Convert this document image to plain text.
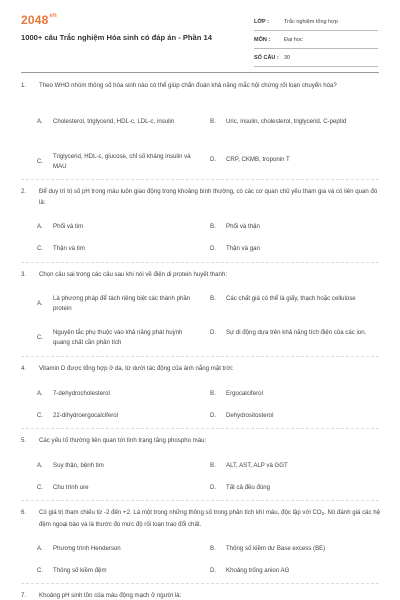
$2048^{vn}$
1000+ câu Trắc nghiệm Hóa sinh có đáp án - Phần 14
LỚP :	Trắc nghiệm tổng hợp
MÔN :	Đại học
SỐ CÂU : 30
1.	Theo WHO nhóm thông số hóa sinh nào có thể giúp chẩn đoán khả năng mắc hội chứng rối loạn chuyển hóa?
A.	Cholesterol, triglycerid, HDL-c, LDL-c, insulin	B.	Uric, insulin, cholesterol, triglycerid, C-peptid
C.
Triglycerid, HDL-c, glucose, chỉ số kháng insulin và MAU
D.	CRP, CKMB, troponin T
2.	Để duy trì trị số pH trong máu luôn giao động trong khoảng bình thường, có các cơ quan chủ yếu tham gia và có liên quan đó là:
A.	Phổi và tim	B.	Phổi và thận
C.	Thận và tim	D.	Thận và gan
3.	Chọn câu sai trong các câu sau khi nói về điện di protein huyết thanh:
A.
Là phương pháp để tách riêng biệt các thành phần protein
B.	Các chất giá có thể là giấy, thạch hoặc cellulose
C.
Nguyên tắc phụ thuộc vào khả năng phát huỳnh quang chất cần phân tích
D.	Sự di động dựa trên khả năng tích điện của các ion.
4.	Vitamin D được tổng hợp ở da, từ dưới tác động của ánh nắng mặt trời:
A.	7-dehydrocholesterol	B.	Ergocalciferol
C.	22-dihydroergocalciferol	D.	Dehydrositosterol
5.	Các yếu tố thường liên quan tới tình trạng tăng phospho máu:
A.	Suy thận, bệnh tim	B.	ALT, AST, ALP và GGT
C.	Chu trình ure	D.	Tất cả đều đúng
6.	Có giá trị tham chiếu từ -2 đến +2. Là một trong những thông số trong phân tích khí máu, độc lập với $CO_2$. Nó đánh giá các hệ đệm ngoại bào và là thước đo mức độ rối loạn trao đổi chất.
A.	Phương trình Henderson	B.	Thông số kiềm dư Base excess (BE)
C.	Thông số kiềm đệm	D.	Khoảng trống anion AG
7.	Khoảng pH sinh tồn của máu động mạch ở người là:
